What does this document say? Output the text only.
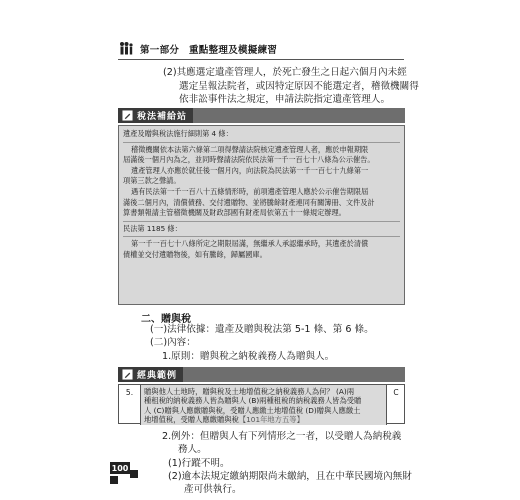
第一部分　重點整理及模擬練習
(2)其應選定遺產管理人，於死亡發生之日起六個月內未經
選定呈報法院者，或因特定原因不能選定者，稽徵機關得
依非訟事件法之規定，申請法院指定遺產管理人。
稅法補給站

遺產及贈與稅法施行細則第 4 條：

稽徵機關依本法第六條第二項得聲請法院核定遺產管理人者，應於申報期限

屆滿後一個月內為之，並同時聲請法院依民法第一千一百七十八條為公示催告。

遺產管理人亦應於就任後一個月內，向法院為民法第一千一百七十九條第一

項第三款之聲請。

遇有民法第一千一百八十五條情形時，前項遺產管理人應於公示催告期限屆

滿後二個月內，清償債務、交付遺贈物、並將騰餘財產連同有關簿冊、文件及計

算書類報請主管稽徵機關及財政部國有財產局依第五十一條規定辦理。

民法第 1185 條：

第一千一百七十八條所定之期限屆滿，無繼承人承認繼承時，其遺產於清償

債權並交付遺贈物後，如有騰餘，歸屬國庫。

二、贈與稅
(一)法律依據：遺產及贈與稅法第 5-1 條、第 6 條。
(二)內容：
1.原則：贈與稅之納稅義務人為贈與人。
經典範例
5.	贈與他人土地時，贈與稅及土地增值稅之納稅義務人為何？ (A)兩
種租稅的納稅義務人皆為贈與人 (B)兩種租稅的納稅義務人皆為受贈
人 (C)贈與人應繳贈與稅，受贈人應繳土地增值稅 (D)贈與人應繳土
地增值稅，受贈人應繳贈與稅【101年地方五等】
C
2.例外：但贈與人有下列情形之一者，以受贈人為納稅義
務人。
(1)行蹤不明。
(2)逾本法規定繳納期限尚未繳納，且在中華民國境內無財
產可供執行。
100
